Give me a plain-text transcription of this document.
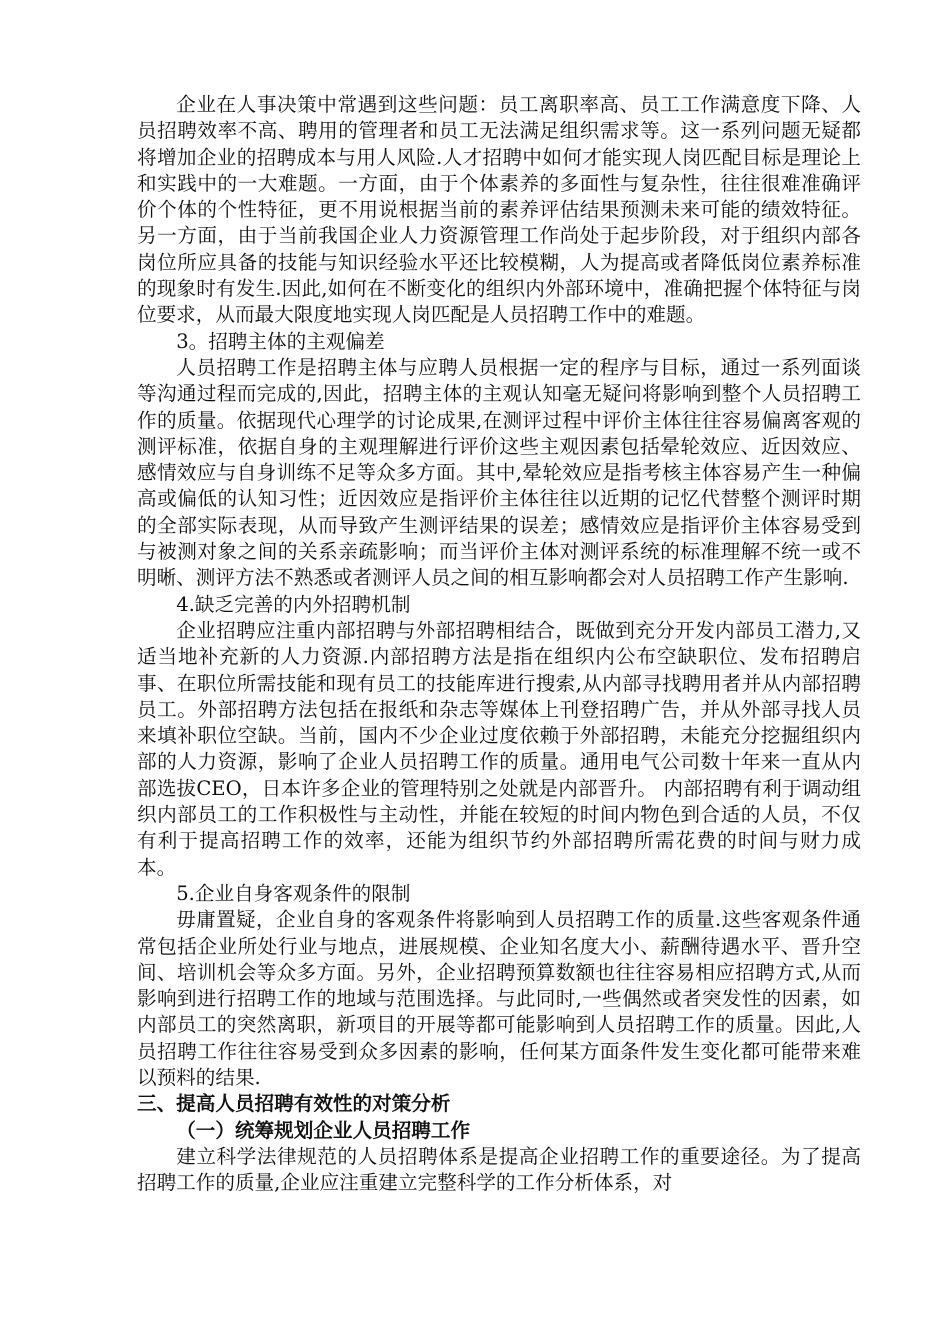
企业在人事决策中常遇到这些问题：员工离职率高、员工工作满意度下降、人员招聘效率不高、聘用的管理者和员工无法满足组织需求等。这一系列问题无疑都将增加企业的招聘成本与用人风险.人才招聘中如何才能实现人岗匹配目标是理论上和实践中的一大难题。一方面，由于个体素养的多面性与复杂性，往往很难准确评价个体的个性特征，更不用说根据当前的素养评估结果预测未来可能的绩效特征。另一方面，由于当前我国企业人力资源管理工作尚处于起步阶段，对于组织内部各岗位所应具备的技能与知识经验水平还比较模糊，人为提高或者降低岗位素养标准的现象时有发生.因此,如何在不断变化的组织内外部环境中，准确把握个体特征与岗位要求，从而最大限度地实现人岗匹配是人员招聘工作中的难题。

3。招聘主体的主观偏差

人员招聘工作是招聘主体与应聘人员根据一定的程序与目标，通过一系列面谈等沟通过程而完成的,因此，招聘主体的主观认知毫无疑问将影响到整个人员招聘工作的质量。依据现代心理学的讨论成果,在测评过程中评价主体往往容易偏离客观的测评标准，依据自身的主观理解进行评价这些主观因素包括晕轮效应、近因效应、感情效应与自身训练不足等众多方面。其中,晕轮效应是指考核主体容易产生一种偏高或偏低的认知习性；近因效应是指评价主体往往以近期的记忆代替整个测评时期的全部实际表现，从而导致产生测评结果的误差；感情效应是指评价主体容易受到与被测对象之间的关系亲疏影响；而当评价主体对测评系统的标准理解不统一或不明晰、测评方法不熟悉或者测评人员之间的相互影响都会对人员招聘工作产生影响.

4.缺乏完善的内外招聘机制

企业招聘应注重内部招聘与外部招聘相结合，既做到充分开发内部员工潜力,又适当地补充新的人力资源.内部招聘方法是指在组织内公布空缺职位、发布招聘启事、在职位所需技能和现有员工的技能库进行搜索,从内部寻找聘用者并从内部招聘员工。外部招聘方法包括在报纸和杂志等媒体上刊登招聘广告，并从外部寻找人员来填补职位空缺。当前，国内不少企业过度依赖于外部招聘，未能充分挖掘组织内部的人力资源，影响了企业人员招聘工作的质量。通用电气公司数十年来一直从内部选拔CEO，日本许多企业的管理特别之处就是内部晋升。 内部招聘有利于调动组织内部员工的工作积极性与主动性，并能在较短的时间内物色到合适的人员，不仅有利于提高招聘工作的效率，还能为组织节约外部招聘所需花费的时间与财力成本。

5.企业自身客观条件的限制

毋庸置疑，企业自身的客观条件将影响到人员招聘工作的质量.这些客观条件通常包括企业所处行业与地点，进展规模、企业知名度大小、薪酬待遇水平、晋升空间、培训机会等众多方面。另外，企业招聘预算数额也往往容易相应招聘方式,从而影响到进行招聘工作的地域与范围选择。与此同时,一些偶然或者突发性的因素，如内部员工的突然离职，新项目的开展等都可能影响到人员招聘工作的质量。因此,人员招聘工作往往容易受到众多因素的影响，任何某方面条件发生变化都可能带来难以预料的结果.

三、提高人员招聘有效性的对策分析

（一）统筹规划企业人员招聘工作

建立科学法律规范的人员招聘体系是提高企业招聘工作的重要途径。为了提高招聘工作的质量,企业应注重建立完整科学的工作分析体系，对
